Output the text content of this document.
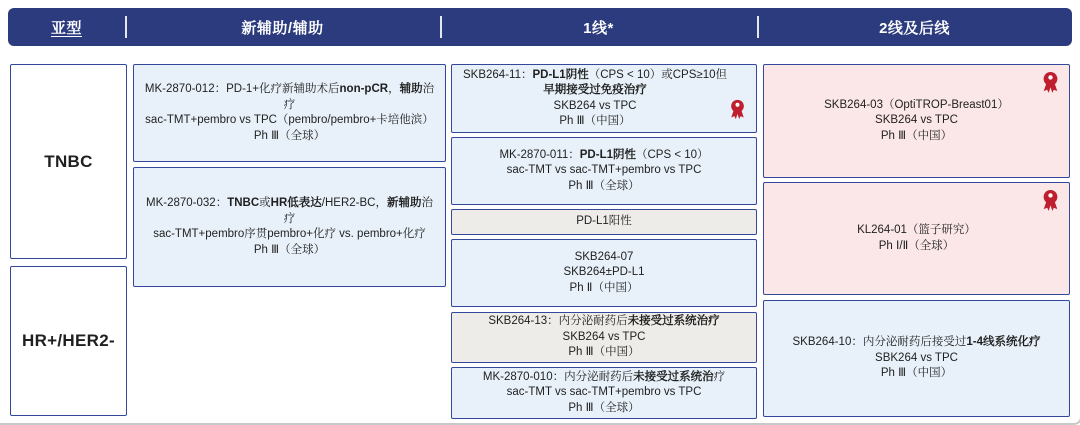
亚型	新辅助/辅助	1线*	2线及后线
TNBC
HR+/HER2-
MK-2870-012：PD-1+化疗新辅助术后non-pCR，辅助治疗
sac-TMT+pembro vs TPC（pembro/pembro+卡培他滨）
Ph Ⅲ（全球）
MK-2870-032：TNBC或HR低表达/HER2-BC，新辅助治疗
sac-TMT+pembro序贯pembro+化疗 vs. pembro+化疗
Ph Ⅲ（全球）
SKB264-11：PD-L1阴性（CPS < 10）或CPS≥10但早期接受过免疫治疗
SKB264 vs TPC
Ph Ⅲ（中国）
MK-2870-011：PD-L1阴性（CPS < 10）
sac-TMT vs sac-TMT+pembro vs TPC
Ph Ⅲ（全球）
PD-L1阳性
SKB264-07
SKB264±PD-L1
Ph Ⅱ（中国）
SKB264-13：内分泌耐药后未接受过系统治疗
SKB264 vs TPC
Ph Ⅲ（中国）
MK-2870-010：内分泌耐药后未接受过系统治疗
sac-TMT vs sac-TMT+pembro vs TPC
Ph Ⅲ（全球）
SKB264-03（OptiTROP-Breast01）
SKB264 vs TPC
Ph Ⅲ（中国）
KL264-01（篮子研究）
Ph Ⅰ/Ⅱ（全球）
SKB264-10：内分泌耐药后接受过1-4线系统化疗
SBK264 vs TPC
Ph Ⅲ（中国）
